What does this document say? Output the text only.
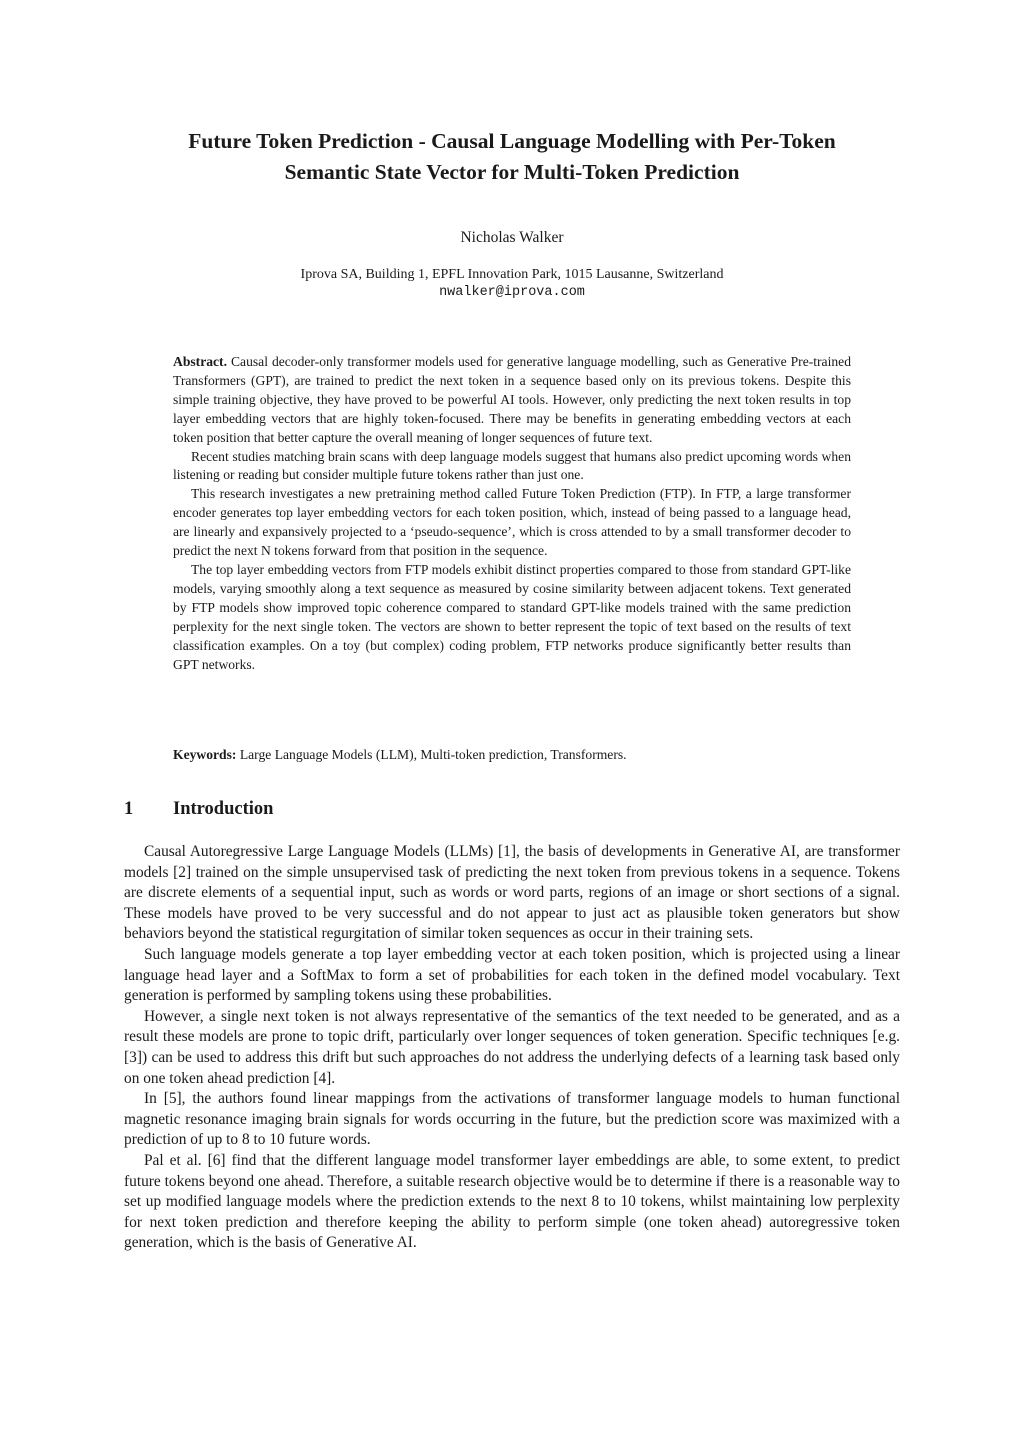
Future Token Prediction - Causal Language Modelling with Per-Token
Semantic State Vector for Multi-Token Prediction

Nicholas Walker

Iprova SA, Building 1, EPFL Innovation Park, 1015 Lausanne, Switzerland

nwalker@iprova.com

Abstract. Causal decoder-only transformer models used for generative language modelling, such as Generative Pre-trained Transformers (GPT), are trained to predict the next token in a sequence based only on its previous tokens. Despite this simple training objective, they have proved to be powerful AI tools. However, only predicting the next token results in top layer embedding vectors that are highly token-focused. There may be benefits in generating embedding vectors at each token position that better capture the overall meaning of longer sequences of future text.

Recent studies matching brain scans with deep language models suggest that humans also predict upcoming words when listening or reading but consider multiple future tokens rather than just one.

This research investigates a new pretraining method called Future Token Prediction (FTP). In FTP, a large transformer encoder generates top layer embedding vectors for each token position, which, instead of being passed to a language head, are linearly and expansively projected to a ‘pseudo-sequence’, which is cross attended to by a small transformer decoder to predict the next N tokens forward from that position in the sequence.

The top layer embedding vectors from FTP models exhibit distinct properties compared to those from standard GPT-like models, varying smoothly along a text sequence as measured by cosine similarity between adjacent tokens. Text generated by FTP models show improved topic coherence compared to standard GPT-like models trained with the same prediction perplexity for the next single token. The vectors are shown to better represent the topic of text based on the results of text classification examples. On a toy (but complex) coding problem, FTP networks produce significantly better results than GPT networks.

Keywords: Large Language Models (LLM), Multi-token prediction, Transformers.

1 Introduction

Causal Autoregressive Large Language Models (LLMs) [1], the basis of developments in Generative AI, are transformer models [2] trained on the simple unsupervised task of predicting the next token from previous tokens in a sequence. Tokens are discrete elements of a sequential input, such as words or word parts, regions of an image or short sections of a signal. These models have proved to be very successful and do not appear to just act as plausible token generators but show behaviors beyond the statistical regurgitation of similar token sequences as occur in their training sets.

Such language models generate a top layer embedding vector at each token position, which is projected using a linear language head layer and a SoftMax to form a set of probabilities for each token in the defined model vocabulary. Text generation is performed by sampling tokens using these probabilities.

However, a single next token is not always representative of the semantics of the text needed to be generated, and as a result these models are prone to topic drift, particularly over longer sequences of token generation. Specific techniques [e.g. [3]) can be used to address this drift but such approaches do not address the underlying defects of a learning task based only on one token ahead prediction [4].

In [5], the authors found linear mappings from the activations of transformer language models to human functional magnetic resonance imaging brain signals for words occurring in the future, but the prediction score was maximized with a prediction of up to 8 to 10 future words.

Pal et al. [6] find that the different language model transformer layer embeddings are able, to some extent, to predict future tokens beyond one ahead. Therefore, a suitable research objective would be to determine if there is a reasonable way to set up modified language models where the prediction extends to the next 8 to 10 tokens, whilst maintaining low perplexity for next token prediction and therefore keeping the ability to perform simple (one token ahead) autoregressive token generation, which is the basis of Generative AI.
